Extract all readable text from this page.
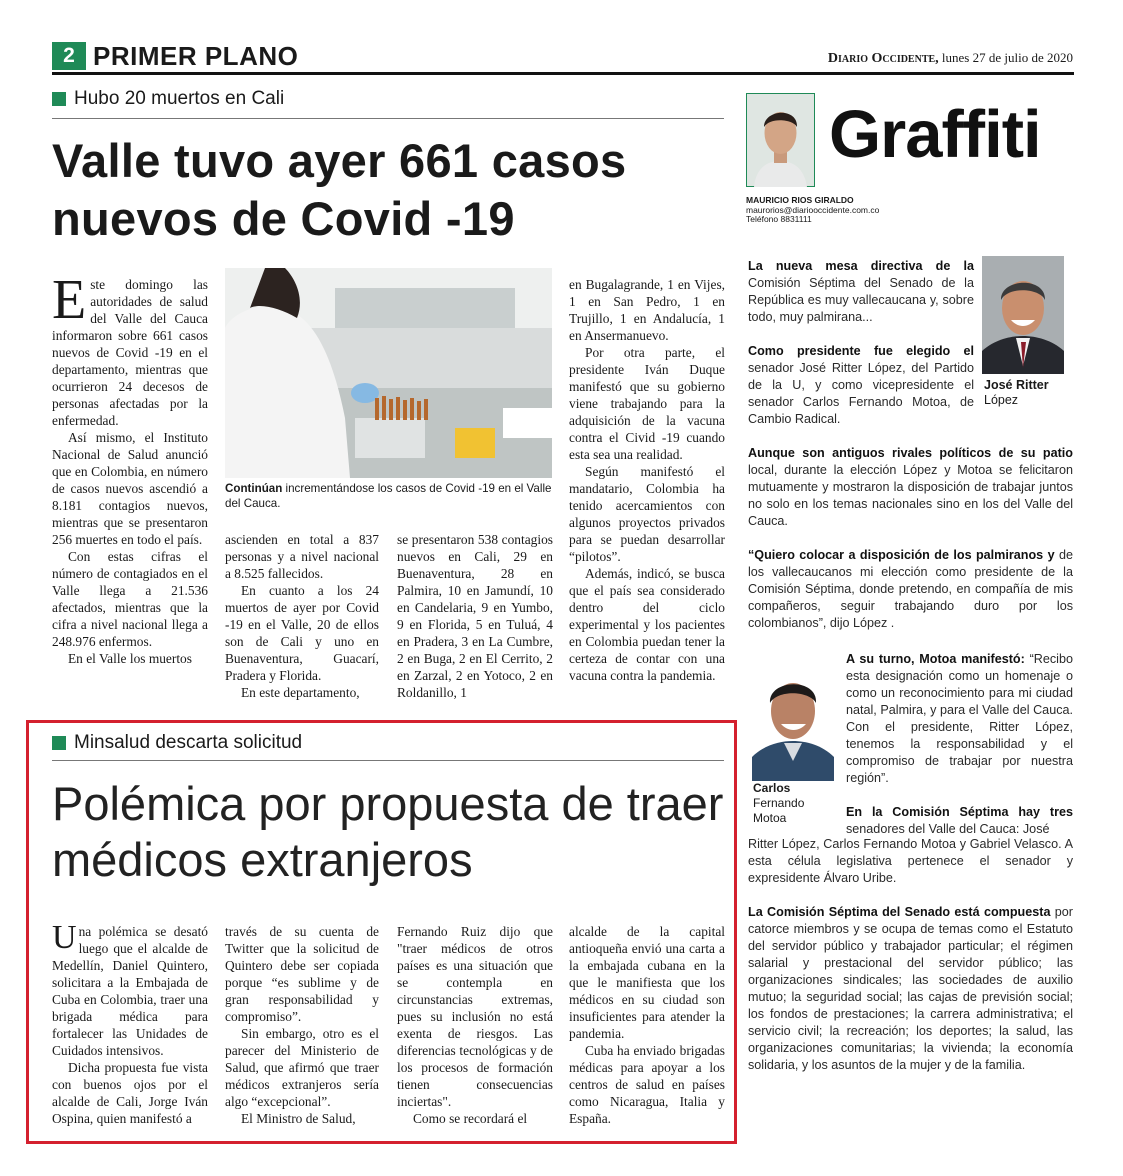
2 PRIMER PLANO	Diario Occidente, lunes 27 de julio de 2020
Hubo 20 muertos en Cali
Valle tuvo ayer 661 casos nuevos de Covid -19

Este domingo las autoridades de salud del Valle del Cauca informaron sobre 661 casos nuevos de Covid -19 en el departamento, mientras que ocurrieron 24 decesos de personas afectadas por la enfermedad.

Así mismo, el Instituto Nacional de Salud anunció que en Colombia, en número de casos nuevos ascendió a 8.181 contagios nuevos, mientras que se presentaron 256 muertes en todo el país.

Con estas cifras el número de contagiados en el Valle llega a 21.536 afectados, mientras que la cifra a nivel nacional llega a 248.976 enfermos.

En el Valle los muertos

Continúan incrementándose los casos de Covid -19 en el Valle del Cauca.

ascienden en total a 837 personas y a nivel nacional a 8.525 fallecidos.

En cuanto a los 24 muertos de ayer por Covid -19 en el Valle, 20 de ellos son de Cali y uno en Buenaventura, Guacarí, Pradera y Florida.

En este departamento,

se presentaron 538 contagios nuevos en Cali, 29 en Buenaventura, 28 en Palmira, 10 en Jamundí, 10 en Candelaria, 9 en Yumbo, 9 en Florida, 5 en Tuluá, 4 en Pradera, 3 en La Cumbre, 2 en Buga, 2 en El Cerrito, 2 en Zarzal, 2 en Yotoco, 2 en Roldanillo, 1

en Bugalagrande, 1 en Vijes, 1 en San Pedro, 1 en Trujillo, 1 en Andalucía, 1 en Ansermanuevo.

Por otra parte, el presidente Iván Duque manifestó que su gobierno viene trabajando para la adquisición de la vacuna contra el Civid -19 cuando esta sea una realidad.

Según manifestó el mandatario, Colombia ha tenido acercamientos con algunos proyectos privados para se puedan desarrollar “pilotos”.

Además, indicó, se busca que el país sea considerado dentro del ciclo experimental y los pacientes en Colombia puedan tener la certeza de contar con una vacuna contra la pandemia.

Minsalud descarta solicitud
Polémica por propuesta de traer médicos extranjeros

Una polémica se desató luego que el alcalde de Medellín, Daniel Quintero, solicitara a la Embajada de Cuba en Colombia, traer una brigada médica para fortalecer las Unidades de Cuidados intensivos.

Dicha propuesta fue vista con buenos ojos por el alcalde de Cali, Jorge Iván Ospina, quien manifestó a

través de su cuenta de Twitter que la solicitud de Quintero debe ser copiada porque “es sublime y de gran responsabilidad y compromiso”.

Sin embargo, otro es el parecer del Ministerio de Salud, que afirmó que traer médicos extranjeros sería algo “excepcional”.

El Ministro de Salud,

Fernando Ruiz dijo que "traer médicos de otros países es una situación que se contempla en circunstancias extremas, pues su inclusión no está exenta de riesgos. Las diferencias tecnológicas y de los procesos de formación tienen consecuencias inciertas".

Como se recordará el

alcalde de la capital antioqueña envió una carta a la embajada cubana en la que le manifiesta que los médicos en su ciudad son insuficientes para atender la pandemia.

Cuba ha enviado brigadas médicas para apoyar a los centros de salud en países como Nicaragua, Italia y España.

Graffiti
MAURICIO RIOS GIRALDO
maurorios@diariooccidente.com.co
Teléfono 8831111
José Ritter
López

La nueva mesa directiva de la Comisión Séptima del Senado de la República es muy vallecaucana y, sobre todo, muy palmirana...

Como presidente fue elegido el senador José Ritter López, del Partido de la U, y como vicepresidente el senador Carlos Fernando Motoa, de Cambio Radical.

Aunque son antiguos rivales políticos de su patio local, durante la elección López y Motoa se felicitaron mutuamente y mostraron la disposición de trabajar juntos no solo en los temas nacionales sino en los del Valle del Cauca.

“Quiero colocar a disposición de los palmiranos y de los vallecaucanos mi elección como presidente de la Comisión Séptima, donde pretendo, en compañía de mis compañeros, seguir trabajando duro por los colombianos”, dijo López .

Carlos
Fernando
Motoa

A su turno, Motoa manifestó: “Recibo esta designación como un homenaje o como un reconocimiento para mi ciudad natal, Palmira, y para el Valle del Cauca. Con el presidente, Ritter López, tenemos la responsabilidad y el compromiso de trabajar por nuestra región”.

En la Comisión Séptima hay tres senadores del Valle del Cauca: José

Ritter López, Carlos Fernando Motoa y Gabriel Velasco. A esta célula legislativa pertenece el senador y expresidente Álvaro Uribe.

La Comisión Séptima del Senado está compuesta por catorce miembros y se ocupa de temas como el Estatuto del servidor público y trabajador particular; el régimen salarial y prestacional del servidor público; las organizaciones sindicales; las sociedades de auxilio mutuo; la seguridad social; las cajas de previsión social; los fondos de prestaciones; la carrera administrativa; el servicio civil; la recreación; los deportes; la salud, las organizaciones comunitarias; la vivienda; la economía solidaria, y los asuntos de la mujer y de la familia.
